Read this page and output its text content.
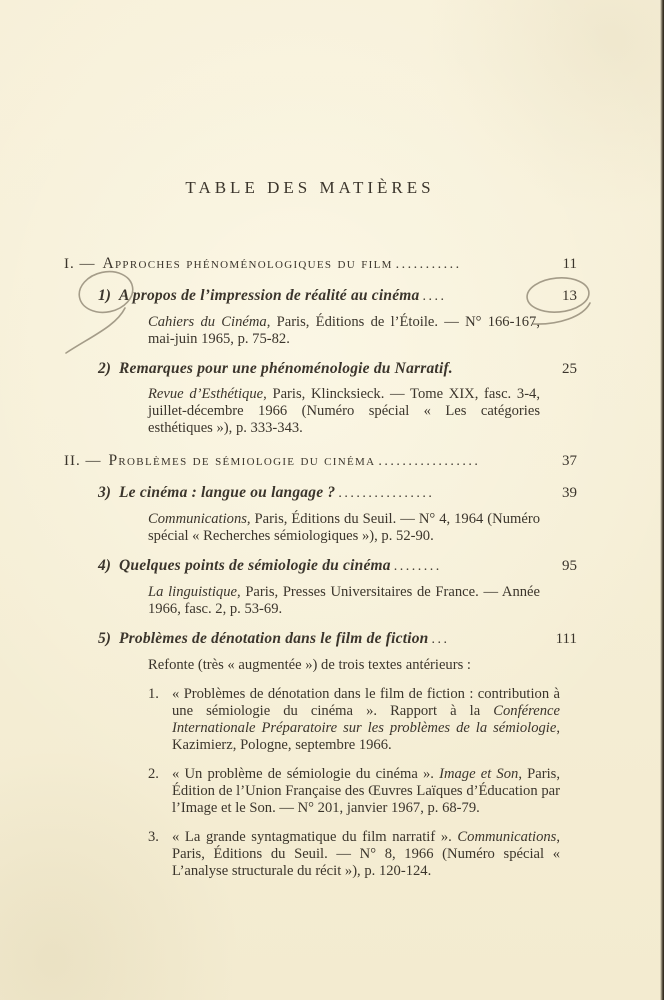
TABLE DES MATIÈRES
I. — Approches phénoménologiques du film ...........	11
1) A propos de l’impression de réalité au cinéma ....	13
Cahiers du Cinéma, Paris, Éditions de l’Étoile. — N° 166-167, mai-juin 1965, p. 75-82.
2) Remarques pour une phénoménologie du Narratif.	25
Revue d’Esthétique, Paris, Klincksieck. — Tome XIX, fasc. 3-4, juillet-décembre 1966 (Numéro spécial « Les catégories esthétiques »), p. 333-343.
II. — Problèmes de sémiologie du cinéma .................	37
3) Le cinéma : langue ou langage ? ................	39
Communications, Paris, Éditions du Seuil. — N° 4, 1964 (Numéro spécial « Recherches sémiologiques »), p. 52-90.
4) Quelques points de sémiologie du cinéma ........	95
La linguistique, Paris, Presses Universitaires de France. — Année 1966, fasc. 2, p. 53-69.
5) Problèmes de dénotation dans le film de fiction ...	111
Refonte (très « augmentée ») de trois textes antérieurs :
1. « Problèmes de dénotation dans le film de fiction : contribution à une sémiologie du cinéma ». Rapport à la Conférence Internationale Préparatoire sur les problèmes de la sémiologie, Kazimierz, Pologne, septembre 1966.
2. « Un problème de sémiologie du cinéma ». Image et Son, Paris, Édition de l’Union Française des Œuvres Laïques d’Éducation par l’Image et le Son. — N° 201, janvier 1967, p. 68-79.
3. « La grande syntagmatique du film narratif ». Communications, Paris, Éditions du Seuil. — N° 8, 1966 (Numéro spécial « L’analyse structurale du récit »), p. 120-124.
